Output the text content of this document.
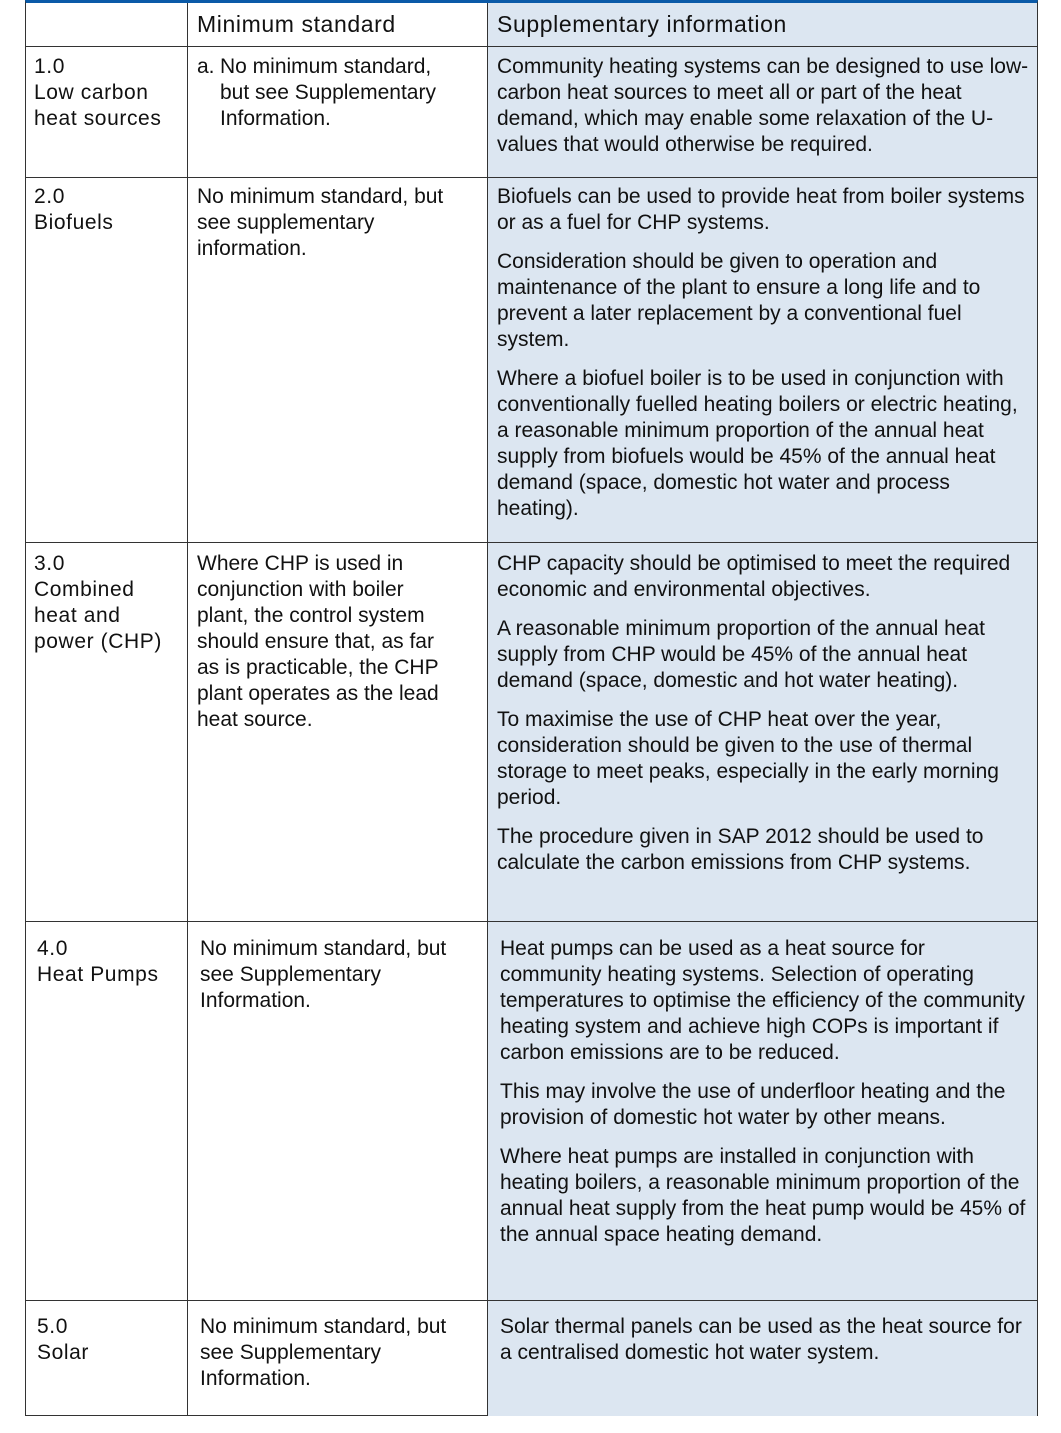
Minimum standard	Supplementary information
1.0
Low carbon
heat sources
a. No minimum standard,
but see Supplementary
Information.

Community heating systems can be designed to use low-carbon heat sources to meet all or part of the heat demand, which may enable some relaxation of the U-values that would otherwise be required.

2.0
Biofuels
No minimum standard, but
see supplementary
information.

Biofuels can be used to provide heat from boiler systems or as a fuel for CHP systems.

Consideration should be given to operation and maintenance of the plant to ensure a long life and to prevent a later replacement by a conventional fuel system.

Where a biofuel boiler is to be used in conjunction with conventionally fuelled heating boilers or electric heating, a reasonable minimum proportion of the annual heat supply from biofuels would be 45% of the annual heat demand (space, domestic hot water and process heating).

3.0
Combined
heat and
power (CHP)
Where CHP is used in
conjunction with boiler
plant, the control system
should ensure that, as far
as is practicable, the CHP
plant operates as the lead
heat source.

CHP capacity should be optimised to meet the required economic and environmental objectives.

A reasonable minimum proportion of the annual heat supply from CHP would be 45% of the annual heat demand (space, domestic and hot water heating).

To maximise the use of CHP heat over the year, consideration should be given to the use of thermal storage to meet peaks, especially in the early morning period.

The procedure given in SAP 2012 should be used to calculate the carbon emissions from CHP systems.

4.0
Heat Pumps
No minimum standard, but
see Supplementary
Information.

Heat pumps can be used as a heat source for community heating systems. Selection of operating temperatures to optimise the efficiency of the community heating system and achieve high COPs is important if carbon emissions are to be reduced.

This may involve the use of underfloor heating and the provision of domestic hot water by other means.

Where heat pumps are installed in conjunction with heating boilers, a reasonable minimum proportion of the annual heat supply from the heat pump would be 45% of the annual space heating demand.

5.0
Solar
No minimum standard, but
see Supplementary
Information.

Solar thermal panels can be used as the heat source for a centralised domestic hot water system.
